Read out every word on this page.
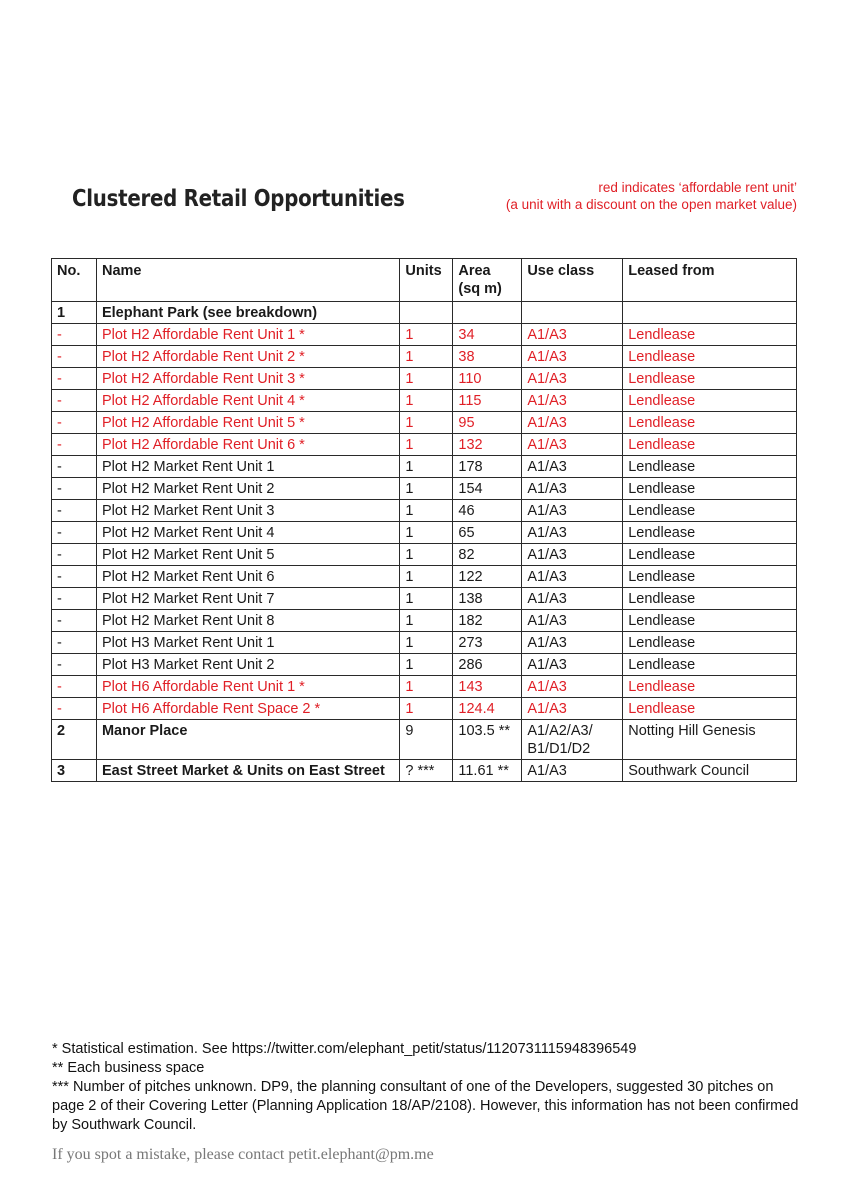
Clustered Retail Opportunities	red indicates ‘affordable rent unit’
(a unit with a discount on the open market value)
No.	Name	Units	Area (sq m)	Use class	Leased from
1	Elephant Park (see breakdown)				
-	Plot H2 Affordable Rent Unit 1 *	1	34	A1/A3	Lendlease
-	Plot H2 Affordable Rent Unit 2 *	1	38	A1/A3	Lendlease
-	Plot H2 Affordable Rent Unit 3 *	1	110	A1/A3	Lendlease
-	Plot H2 Affordable Rent Unit 4 *	1	115	A1/A3	Lendlease
-	Plot H2 Affordable Rent Unit 5 *	1	95	A1/A3	Lendlease
-	Plot H2 Affordable Rent Unit 6 *	1	132	A1/A3	Lendlease
-	Plot H2 Market Rent Unit 1	1	178	A1/A3	Lendlease
-	Plot H2 Market Rent Unit 2	1	154	A1/A3	Lendlease
-	Plot H2 Market Rent Unit 3	1	46	A1/A3	Lendlease
-	Plot H2 Market Rent Unit 4	1	65	A1/A3	Lendlease
-	Plot H2 Market Rent Unit 5	1	82	A1/A3	Lendlease
-	Plot H2 Market Rent Unit 6	1	122	A1/A3	Lendlease
-	Plot H2 Market Rent Unit 7	1	138	A1/A3	Lendlease
-	Plot H2 Market Rent Unit 8	1	182	A1/A3	Lendlease
-	Plot H3 Market Rent Unit 1	1	273	A1/A3	Lendlease
-	Plot H3 Market Rent Unit 2	1	286	A1/A3	Lendlease
-	Plot H6 Affordable Rent Unit 1 *	1	143	A1/A3	Lendlease
-	Plot H6 Affordable Rent Space 2 *	1	124.4	A1/A3	Lendlease
2	Manor Place	9	103.5 **	A1/A2/A3/ B1/D1/D2	Notting Hill Genesis
3	East Street Market & Units on East Street	? ***	11.61 **	A1/A3	Southwark Council

* Statistical estimation. See https://twitter.com/elephant_petit/status/1120731115948396549

** Each business space

*** Number of pitches unknown. DP9, the planning consultant of one of the Developers, suggested 30 pitches on page 2 of their Covering Letter (Planning Application 18/AP/2108). However, this information has not been confirmed by Southwark Council.

If you spot a mistake, please contact petit.elephant@pm.me
